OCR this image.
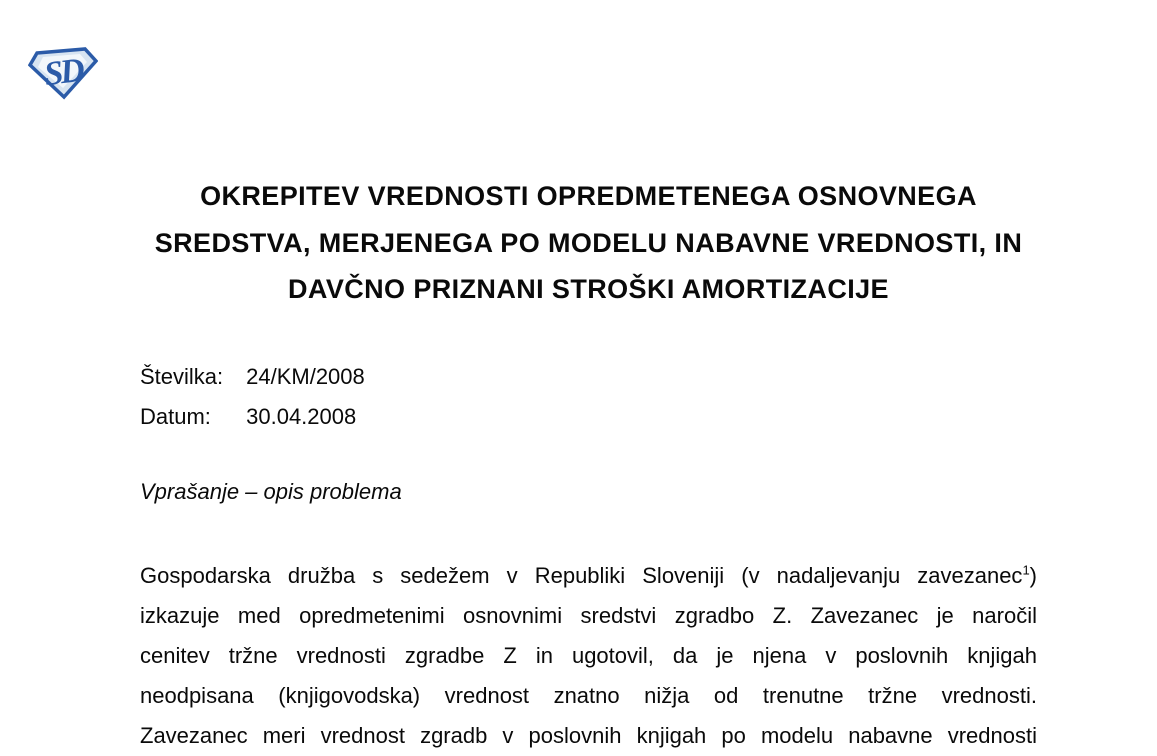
SD
OKREPITEV VREDNOSTI OPREDMETENEGA OSNOVNEGA
SREDSTVA, MERJENEGA PO MODELU NABAVNE VREDNOSTI, IN
DAVČNO PRIZNANI STROŠKI AMORTIZACIJE
Številka: 24/KM/2008
Datum: 30.04.2008
Vprašanje – opis problema
Gospodarska družba s sedežem v Republiki Sloveniji (v nadaljevanju zavezanec$^1$)
izkazuje med opredmetenimi osnovnimi sredstvi zgradbo Z. Zavezanec je naročil
cenitev tržne vrednosti zgradbe Z in ugotovil, da je njena v poslovnih knjigah
neodpisana (knjigovodska) vrednost znatno nižja od trenutne tržne vrednosti.
Zavezanec meri vrednost zgradb v poslovnih knjigah po modelu nabavne vrednosti
